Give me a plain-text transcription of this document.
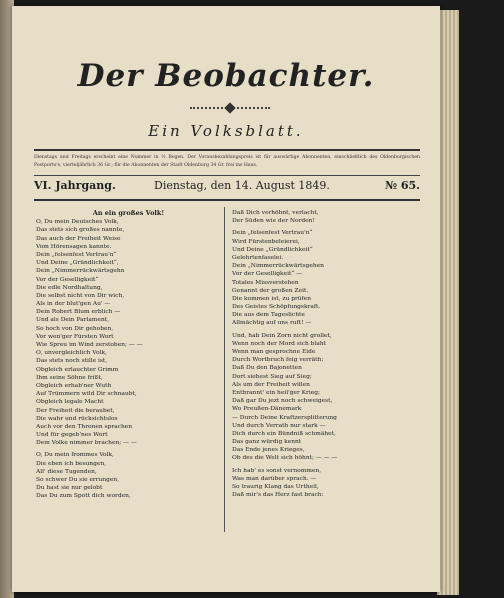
Der Beobachter.
Ein Volksblatt.
Dienstags und Freitags erscheint eine Nummer in ½ Bogen. Der Vorausbezahlungspreis ist für auswärtige Abonnenten, einschließlich des Oldenburgischen Postporto's, vierteljährlich 36 Gr.; für die Abonnenten der Stadt Oldenburg 34 Gr. frei ins Haus.
VI. Jahrgang.	Dienstag, den 14. August 1849.	№ 65.
An ein großes Volk!
O, Du mein Deutsches Volk,
Das stets sich großes nannte,
Das auch der Freiheit Weise
Vom Hörensagen kannte.
Dein „felsenfest Vertrau'n“
Und Deine „Gründlichkeit“,
Dein „Nimmerrückwärtsgehn
Vor der Geselligkeit“
Die edle Nordhaltung,
Die selbst nicht von Dir wich,
Als in der blut'gen Au' —
Dein Robert Blum erblich —
Und als Dein Parlament,
So hoch von Dir gehoben,
Vor wen'ger Fürsten Wort
Wie Spreu im Wind zerstoben; — —
O, unvergleichlich Volk,
Das stets noch stille ist,
Obgleich erlauchter Grimm
Ihm seine Söhne frißt,
Obgleich erhab'ner Wuth
Auf Trümmern wild Dir schnaubt,
Obgleich legale Macht
Der Freiheit die beraubet,
Die wahr und rücksichtslos
Auch vor den Thronen sprachen
Und für gegeb'nes Wort
Dem Volke nimmer brachen; — —
O, Du mein frommes Volk,
Die eben ich besungen,
All' diese Tugenden,
So schwer Du sie errungen,
Du hast sie nur gelobt
Das Du zum Spott dich worden,
Daß Dich verhöhnt, verlacht,
Der Süden wie der Norden!
Dein „felsenfest Vertrau'n“
Wird Fürstenbeleierei,
Und Deine „Gründlichkeit“
Gelehrtenfaselei.
Dein „Nimmerrückwärtsgehen
Vor der Geselligkeit“ —
Totales Missverstehen
Genannt der großen Zeit.
Die kommen ist, zu prüfen
Des Geistes Schöpfungskraft.
Die aus dem Tageslichte
Allmächtig auf uns ruft! —
Und, hab Dein Zorn nicht grollet,
Wenn noch der Mord sich blaht
Wenn man gesprochne Eide
Durch Wortbruch feig verräth;
Daß Du den Bajonetten
Dort siehest Sieg auf Sieg;
Als um der Freiheit willen
Entbrannt' ein heil'ger Krieg;
Daß gar Du jezt noch schweigest,
Wo Preußen-Dänemark
— Durch Deine Kraftzersplitterung
Und durch Verrath nur stark —
Dich durch ein Bündniß schmähet,
Das ganz würdig kennt
Das Ende jenes Krieges,
Ob des die Welt sich höhnt; — — —
Ich hab' es sonst vernommen,
Was man darüber sprach. —
So traurig Klang das Urtheil,
Daß mir's das Herz fast brach:
